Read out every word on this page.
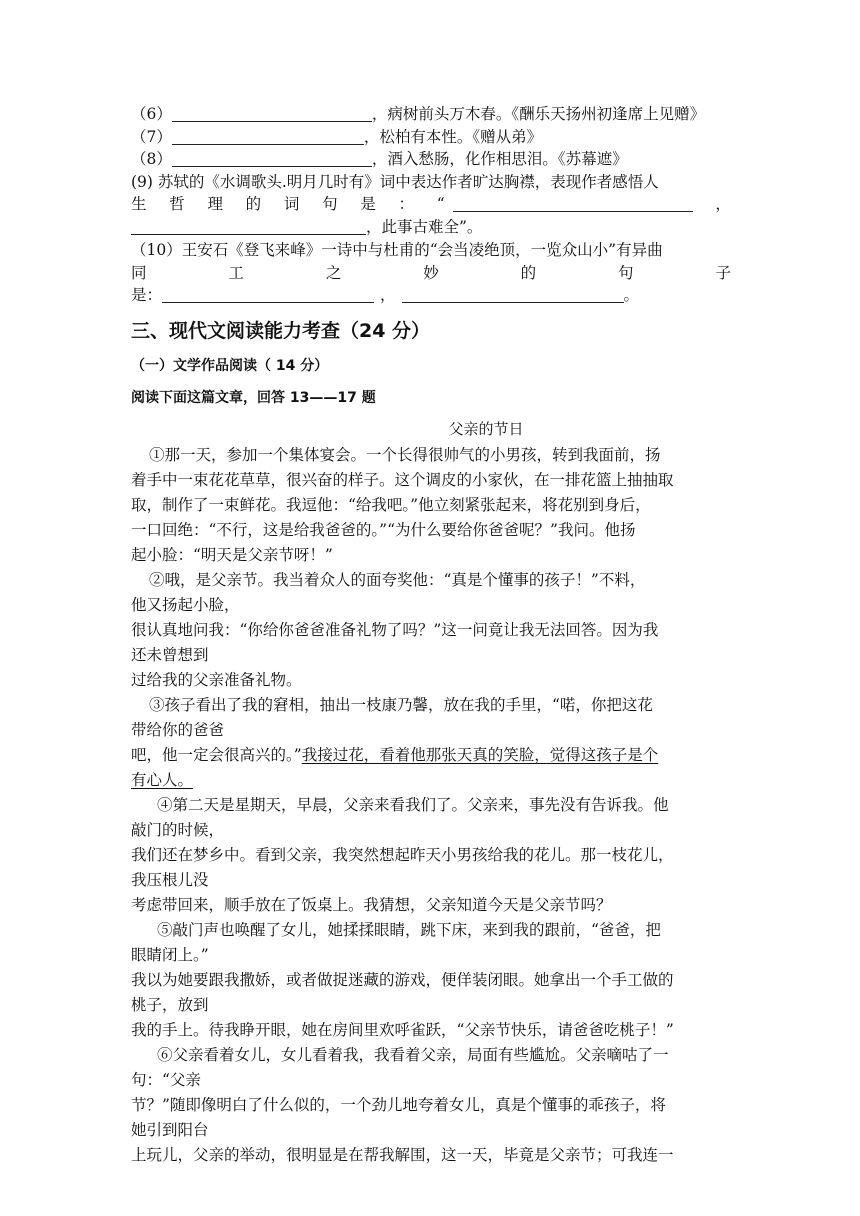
（6）	，病树前头万木春。《酬乐天扬州初逢席上见赠》
（7）	，松柏有本性。《赠从弟》
（8）	，酒入愁肠，化作相思泪。《苏幕遮》
(9) 苏轼的《水调歌头.明月几时有》词中表达作者旷达胸襟，表现作者感悟人
生 哲 理 的 词 句 是 ： “	，
，此事古难全”。
（10）王安石《登飞来峰》一诗中与杜甫的“会当凌绝顶，一览众山小”有异曲
同	工	之	妙	的	句	子
是：	，	。
三、现代文阅读能力考查（24 分）
（一）文学作品阅读（ 14 分）
阅读下面这篇文章，回答 13——17 题
父亲的节日
①那一天，参加一个集体宴会。一个长得很帅气的小男孩，转到我面前，扬
着手中一束花花草草，很兴奋的样子。这个调皮的小家伙，在一排花篮上抽抽取
取，制作了一束鲜花。我逗他：“给我吧。”他立刻紧张起来，将花别到身后，
一口回绝：“不行，这是给我爸爸的。”“为什么要给你爸爸呢？”我问。他扬
起小脸：“明天是父亲节呀！”
②哦，是父亲节。我当着众人的面夸奖他：“真是个懂事的孩子！”不料，
他又扬起小脸，
很认真地问我：“你给你爸爸准备礼物了吗？”这一问竟让我无法回答。因为我
还未曾想到
过给我的父亲准备礼物。
③孩子看出了我的窘相，抽出一枝康乃馨，放在我的手里，“喏，你把这花
带给你的爸爸
吧，他一定会很高兴的。”我接过花，看着他那张天真的笑脸，觉得这孩子是个
有心人。
④第二天是星期天，早晨，父亲来看我们了。父亲来，事先没有告诉我。他
敲门的时候，
我们还在梦乡中。看到父亲，我突然想起昨天小男孩给我的花儿。那一枝花儿，
我压根儿没
考虑带回来，顺手放在了饭桌上。我猜想，父亲知道今天是父亲节吗？
⑤敲门声也唤醒了女儿，她揉揉眼睛，跳下床，来到我的跟前，“爸爸，把
眼睛闭上。”
我以为她要跟我撒娇，或者做捉迷藏的游戏，便佯装闭眼。她拿出一个手工做的
桃子，放到
我的手上。待我睁开眼，她在房间里欢呼雀跃，“父亲节快乐，请爸爸吃桃子！”
⑥父亲看着女儿，女儿看着我，我看着父亲，局面有些尴尬。父亲嘀咕了一
句：“父亲
节？”随即像明白了什么似的，一个劲儿地夸着女儿，真是个懂事的乖孩子，将
她引到阳台
上玩儿，父亲的举动，很明显是在帮我解围，这一天，毕竟是父亲节；可我连一
